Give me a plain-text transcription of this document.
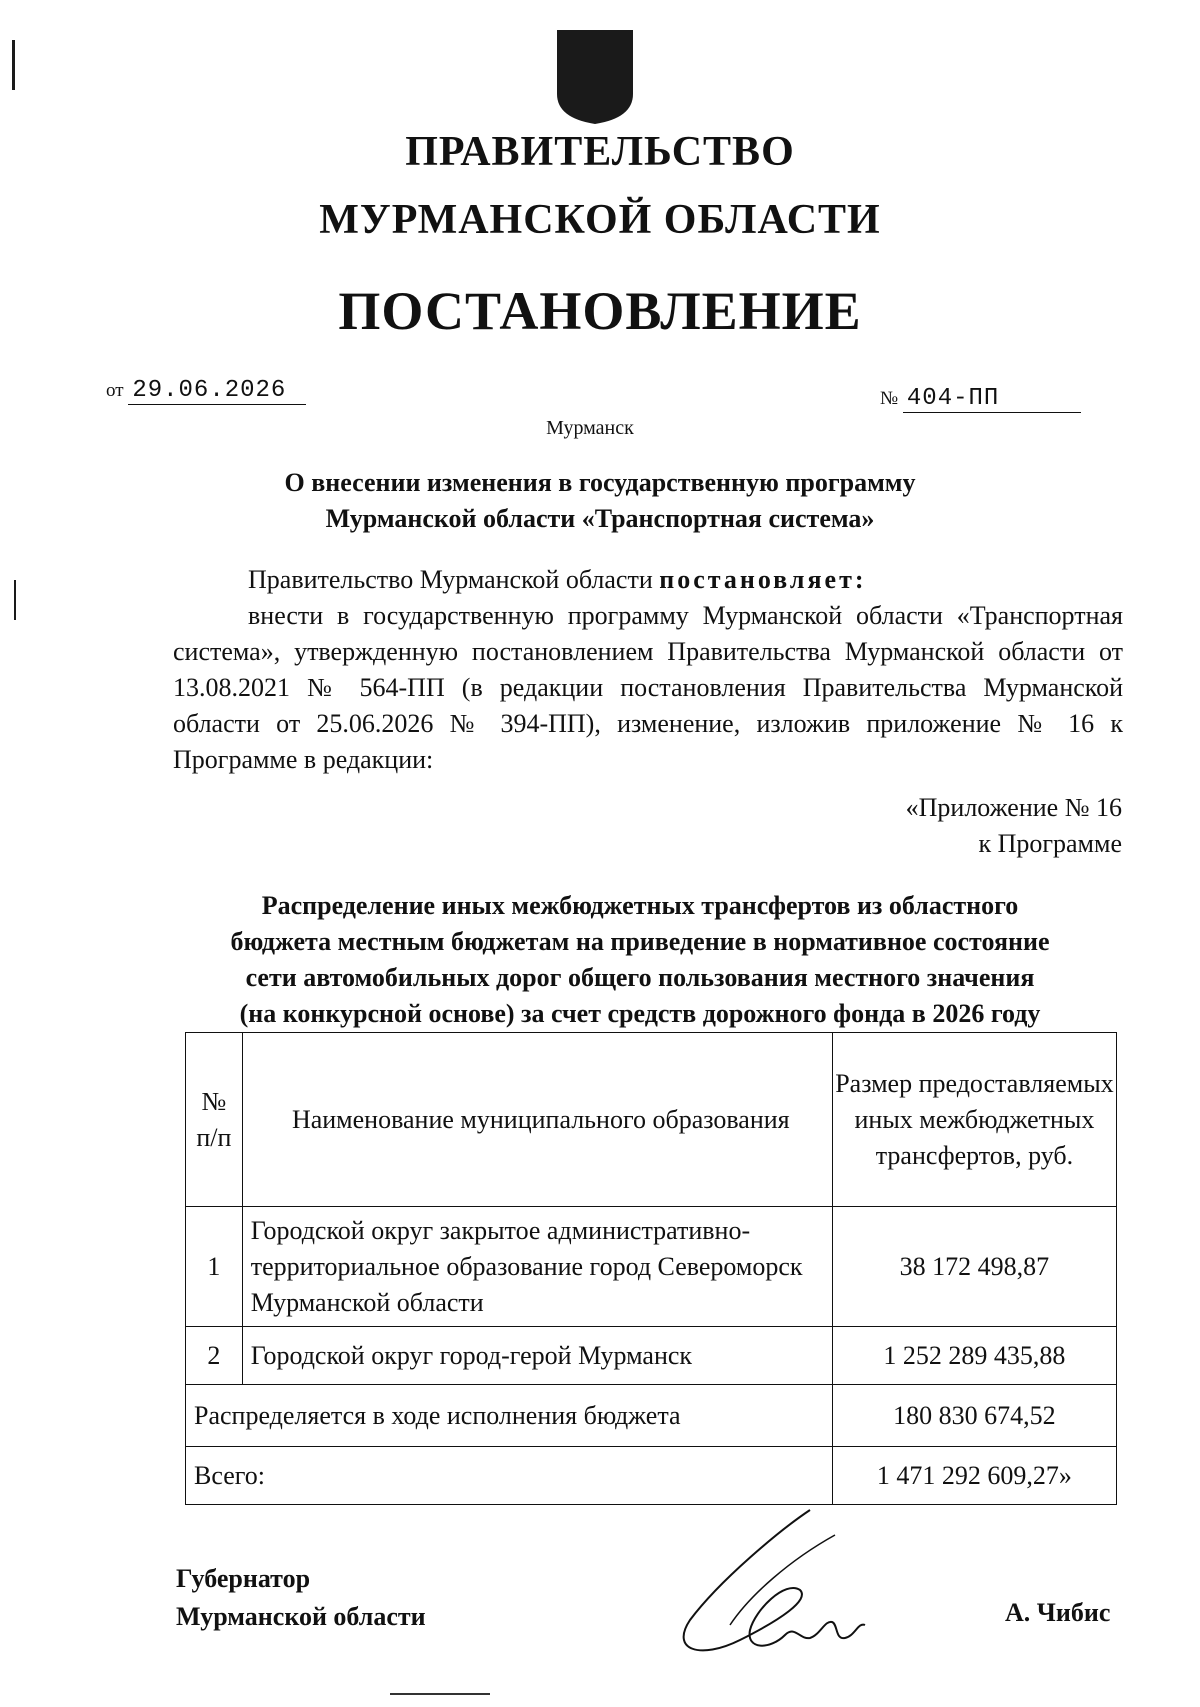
ПРАВИТЕЛЬСТВО
МУРМАНСКОЙ ОБЛАСТИ
ПОСТАНОВЛЕНИЕ
от 29.06.2026	№ 404-ПП
Мурманск
О внесении изменения в государственную программу
Мурманской области «Транспортная система»
Правительство Мурманской области постановляет:
внести в государственную программу Мурманской области «Транспортная система», утвержденную постановлением Правительства Мурманской области от 13.08.2021 № 564-ПП (в редакции постановления Правительства Мурманской области от 25.06.2026 № 394-ПП), изменение, изложив приложение № 16 к Программе в редакции:
«Приложение № 16
к Программе
Распределение иных межбюджетных трансфертов из областного
бюджета местным бюджетам на приведение в нормативное состояние
сети автомобильных дорог общего пользования местного значения
(на конкурсной основе) за счет средств дорожного фонда в 2026 году
№
п/п	Наименование муниципального образования	Размер предоставляемых иных межбюджетных трансфертов, руб.
1	Городской округ закрытое административно-территориальное образование город Североморск Мурманской области	38 172 498,87
2	Городской округ город-герой Мурманск	1 252 289 435,88
Распределяется в ходе исполнения бюджета		180 830 674,52
Всего:		1 471 292 609,27»
Губернатор
Мурманской области	А. Чибис
